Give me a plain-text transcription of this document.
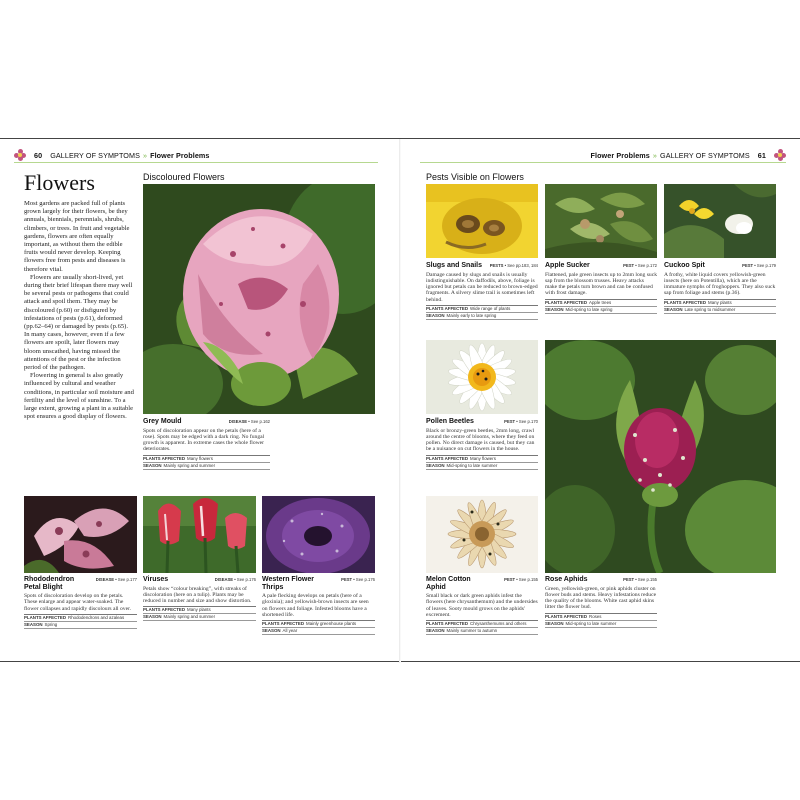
60 GALLERY OF SYMPTOMS » Flower Problems	Flower Problems » GALLERY OF SYMPTOMS 61
Flowers

Most gardens are packed full of plants grown largely for their flowers, be they annuals, biennials, perennials, shrubs, climbers, or trees. In fruit and vegetable gardens, flowers are often equally important, as without them the edible fruits would never develop. Keeping flowers free from pests and diseases is therefore vital.

Flowers are usually short-lived, yet during their brief lifespan there may well be several pests or pathogens that could attack and spoil them. They may be discoloured (p.60) or disfigured by infestations of pests (p.61), deformed (pp.62–64) or damaged by pests (p.65). In many cases, however, even if a few flowers are spoilt, later flowers may bloom unscathed, having missed the attentions of the pest or the infection period of the pathogen.

Flowering in general is also greatly influenced by cultural and weather conditions, in particular soil moisture and fertility and the level of sunshine. To a large extent, growing a plant in a suitable spot ensures a good display of flowers.

Discoloured Flowers	Pests Visible on Flowers
Grey Mould	DISEASE • See p.162
Spots of discoloration appear on the petals (here of a rose). Spots may be edged with a dark ring. No fungal growth is apparent. In extreme cases the whole flower deteriorates.
PLANTS AFFECTED Many flowers
SEASON Mainly spring and summer
Rhododendron Petal Blight
DISEASE • See p.177
Spots of discoloration develop on the petals. These enlarge and appear water-soaked. The flower collapses and rapidly discolours all over.
PLANTS AFFECTED Rhododendrons and azaleas
SEASON Spring
Viruses	DISEASE • See p.176
Petals show “colour breaking”, with streaks of discoloration (here on a tulip). Plants may be reduced in number and size and show distortion.
PLANTS AFFECTED Many plants
SEASON Mainly spring and summer
Western Flower Thrips
PEST • See p.176
A pale flecking develops on petals (here of a gloxinia); and yellowish-brown insects are seen on flowers and foliage. Infested blooms have a shortened life.
PLANTS AFFECTED Mainly greenhouse plants
SEASON All year
Slugs and Snails PESTS • See pp.183, 184
Damage caused by slugs and snails is usually indistinguishable. On daffodils, above, foliage is ignored but petals can be reduced to brown-edged fragments. A silvery slime trail is sometimes left behind.
PLANTS AFFECTED Wide range of plants
SEASON Mainly early to late spring
Apple Sucker	PEST • See p.172
Flattened, pale green insects up to 2mm long suck sap from the blossom trusses. Heavy attacks make the petals turn brown and can be confused with frost damage.
PLANTS AFFECTED Apple trees
SEASON Mid-spring to late spring
Cuckoo Spit	PEST • See p.179
A frothy, white liquid covers yellowish-green insects (here on Potentilla), which are the immature nymphs of froghoppers. They also suck sap from foliage and stems (p.36).
PLANTS AFFECTED Many plants
SEASON Late spring to midsummer
Pollen Beetles	PEST • See p.170
Black or bronzy-green beetles, 2mm long, crawl around the centre of blooms, where they feed on pollen. No direct damage is caused, but they can be a nuisance on cut flowers in the house.
PLANTS AFFECTED Many flowers
SEASON Mid-spring to late summer
Melon Cotton Aphid
PEST • See p.155
Small black or dark green aphids infest the flowers (here chrysanthemum) and the undersides of leaves. Sooty mould grows on the aphids' excrement.
PLANTS AFFECTED Chrysanthemums and others
SEASON Mainly summer to autumn
Rose Aphids	PEST • See p.155
Green, yellowish-green, or pink aphids cluster on flower buds and stems. Heavy infestations reduce the quality of the blooms. White cast aphid skins litter the flower bud.
PLANTS AFFECTED Roses
SEASON Mid-spring to late summer
